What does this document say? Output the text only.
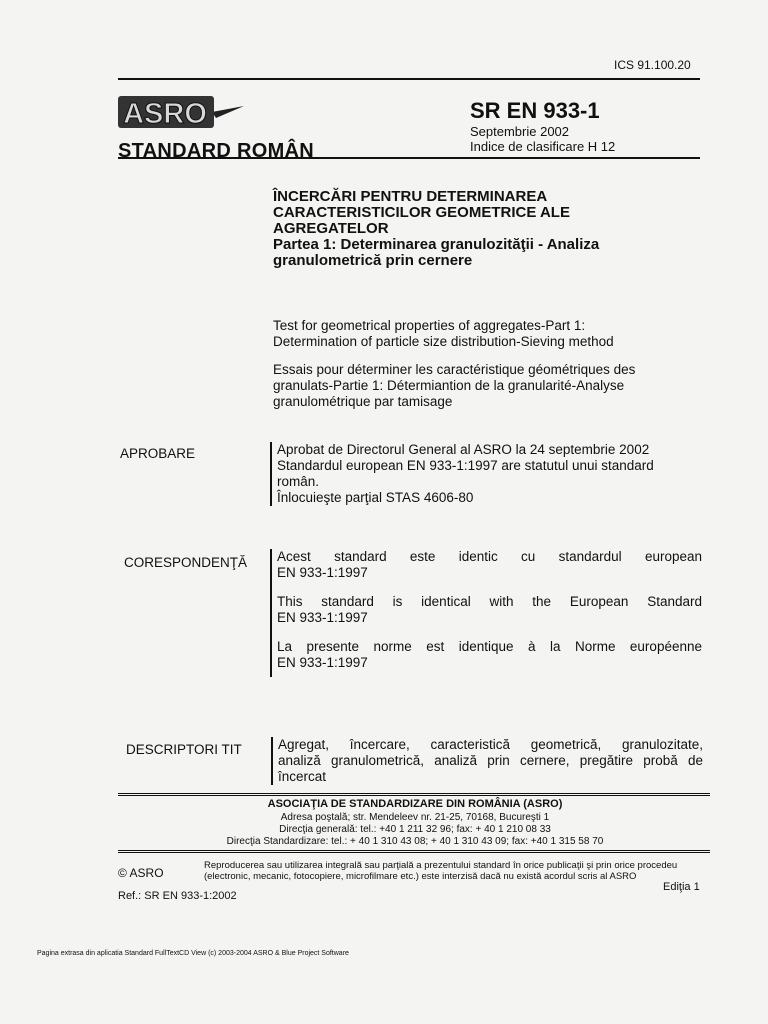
ICS 91.100.20
ASRO
STANDARD ROMÂN
SR EN 933-1
Septembrie 2002
Indice de clasificare H 12
ÎNCERCĂRI PENTRU DETERMINAREA
CARACTERISTICILOR GEOMETRICE ALE
AGREGATELOR
Partea 1: Determinarea granulozităţii - Analiza
granulometrică prin cernere
Test for geometrical properties of aggregates-Part 1:
Determination of particle size distribution-Sieving method
Essais pour déterminer les caractéristique géométriques des
granulats-Partie 1: Détermiantion de la granularité-Analyse
granulométrique par tamisage
APROBARE	Aprobat de Directorul General al ASRO la 24 septembrie 2002
Standardul european EN 933-1:1997 are statutul unui standard
român.
Înlocuieşte parţial STAS 4606-80
CORESPONDENŢĂ Acest standard este identic cu standardul european
EN 933-1:1997
This standard is identical with the European Standard
EN 933-1:1997
La presente norme est identique à la Norme européenne
EN 933-1:1997
DESCRIPTORI TIT	Agregat, încercare, caracteristică geometrică, granulozitate,
analiză granulometrică, analiză prin cernere, pregătire probă de
încercat
ASOCIAŢIA DE STANDARDIZARE DIN ROMÂNIA (ASRO)
Adresa poştală; str. Mendeleev nr. 21-25, 70168, Bucureşti 1
Direcţia generală: tel.: +40 1 211 32 96; fax: + 40 1 210 08 33
Direcţia Standardizare: tel.: + 40 1 310 43 08; + 40 1 310 43 09; fax: +40 1 315 58 70
© ASRO
Reproducerea sau utilizarea integrală sau parţială a prezentului standard în orice publicaţii şi prin orice procedeu (electronic, mecanic, fotocopiere, microfilmare etc.) este interzisă dacă nu există acordul scris al ASRO
Ediţia 1
Ref.: SR EN 933-1:2002
Pagina extrasa din aplicatia Standard FullTextCD View (c) 2003-2004 ASRO & Blue Project Software
